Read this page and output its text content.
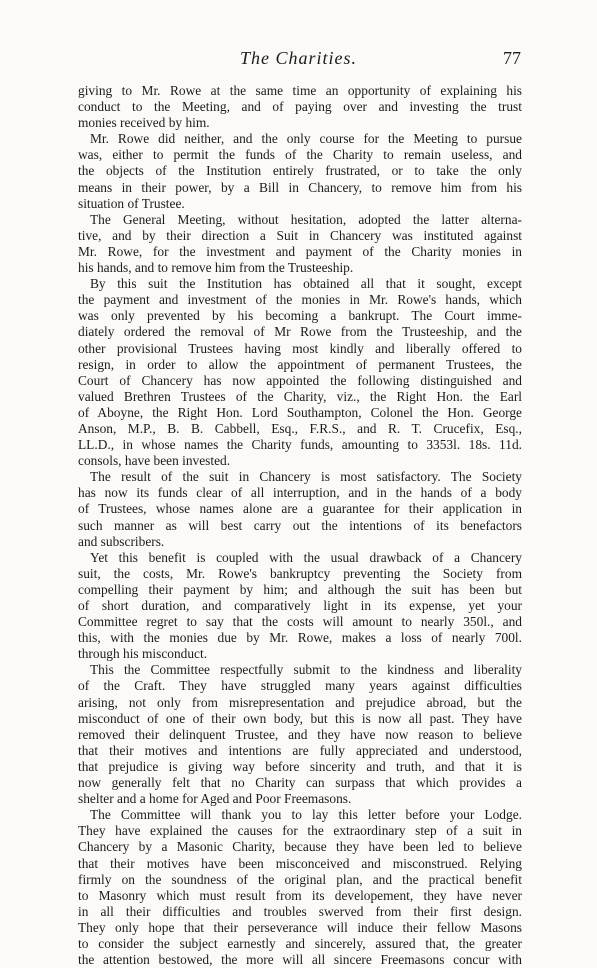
The Charities.	77
giving to Mr. Rowe at the same time an opportunity of explaining his
conduct to the Meeting, and of paying over and investing the trust
monies received by him.
Mr. Rowe did neither, and the only course for the Meeting to pursue
was, either to permit the funds of the Charity to remain useless, and
the objects of the Institution entirely frustrated, or to take the only
means in their power, by a Bill in Chancery, to remove him from his
situation of Trustee.
The General Meeting, without hesitation, adopted the latter alterna-
tive, and by their direction a Suit in Chancery was instituted against
Mr. Rowe, for the investment and payment of the Charity monies in
his hands, and to remove him from the Trusteeship.
By this suit the Institution has obtained all that it sought, except
the payment and investment of the monies in Mr. Rowe's hands, which
was only prevented by his becoming a bankrupt. The Court imme-
diately ordered the removal of Mr Rowe from the Trusteeship, and the
other provisional Trustees having most kindly and liberally offered to
resign, in order to allow the appointment of permanent Trustees, the
Court of Chancery has now appointed the following distinguished and
valued Brethren Trustees of the Charity, viz., the Right Hon. the Earl
of Aboyne, the Right Hon. Lord Southampton, Colonel the Hon. George
Anson, M.P., B. B. Cabbell, Esq., F.R.S., and R. T. Crucefix, Esq.,
LL.D., in whose names the Charity funds, amounting to 3353l. 18s. 11d.
consols, have been invested.
The result of the suit in Chancery is most satisfactory. The Society
has now its funds clear of all interruption, and in the hands of a body
of Trustees, whose names alone are a guarantee for their application in
such manner as will best carry out the intentions of its benefactors
and subscribers.
Yet this benefit is coupled with the usual drawback of a Chancery
suit, the costs, Mr. Rowe's bankruptcy preventing the Society from
compelling their payment by him; and although the suit has been but
of short duration, and comparatively light in its expense, yet your
Committee regret to say that the costs will amount to nearly 350l., and
this, with the monies due by Mr. Rowe, makes a loss of nearly 700l.
through his misconduct.
This the Committee respectfully submit to the kindness and liberality
of the Craft. They have struggled many years against difficulties
arising, not only from misrepresentation and prejudice abroad, but the
misconduct of one of their own body, but this is now all past. They have
removed their delinquent Trustee, and they have now reason to believe
that their motives and intentions are fully appreciated and understood,
that prejudice is giving way before sincerity and truth, and that it is
now generally felt that no Charity can surpass that which provides a
shelter and a home for Aged and Poor Freemasons.
The Committee will thank you to lay this letter before your Lodge.
They have explained the causes for the extraordinary step of a suit in
Chancery by a Masonic Charity, because they have been led to believe
that their motives have been misconceived and misconstrued. Relying
firmly on the soundness of the original plan, and the practical benefit
to Masonry which must result from its developement, they have never
in all their difficulties and troubles swerved from their first design.
They only hope that their perseverance will induce their fellow Masons
to consider the subject earnestly and sincerely, assured that, the greater
the attention bestowed, the more will all sincere Freemasons concur with
